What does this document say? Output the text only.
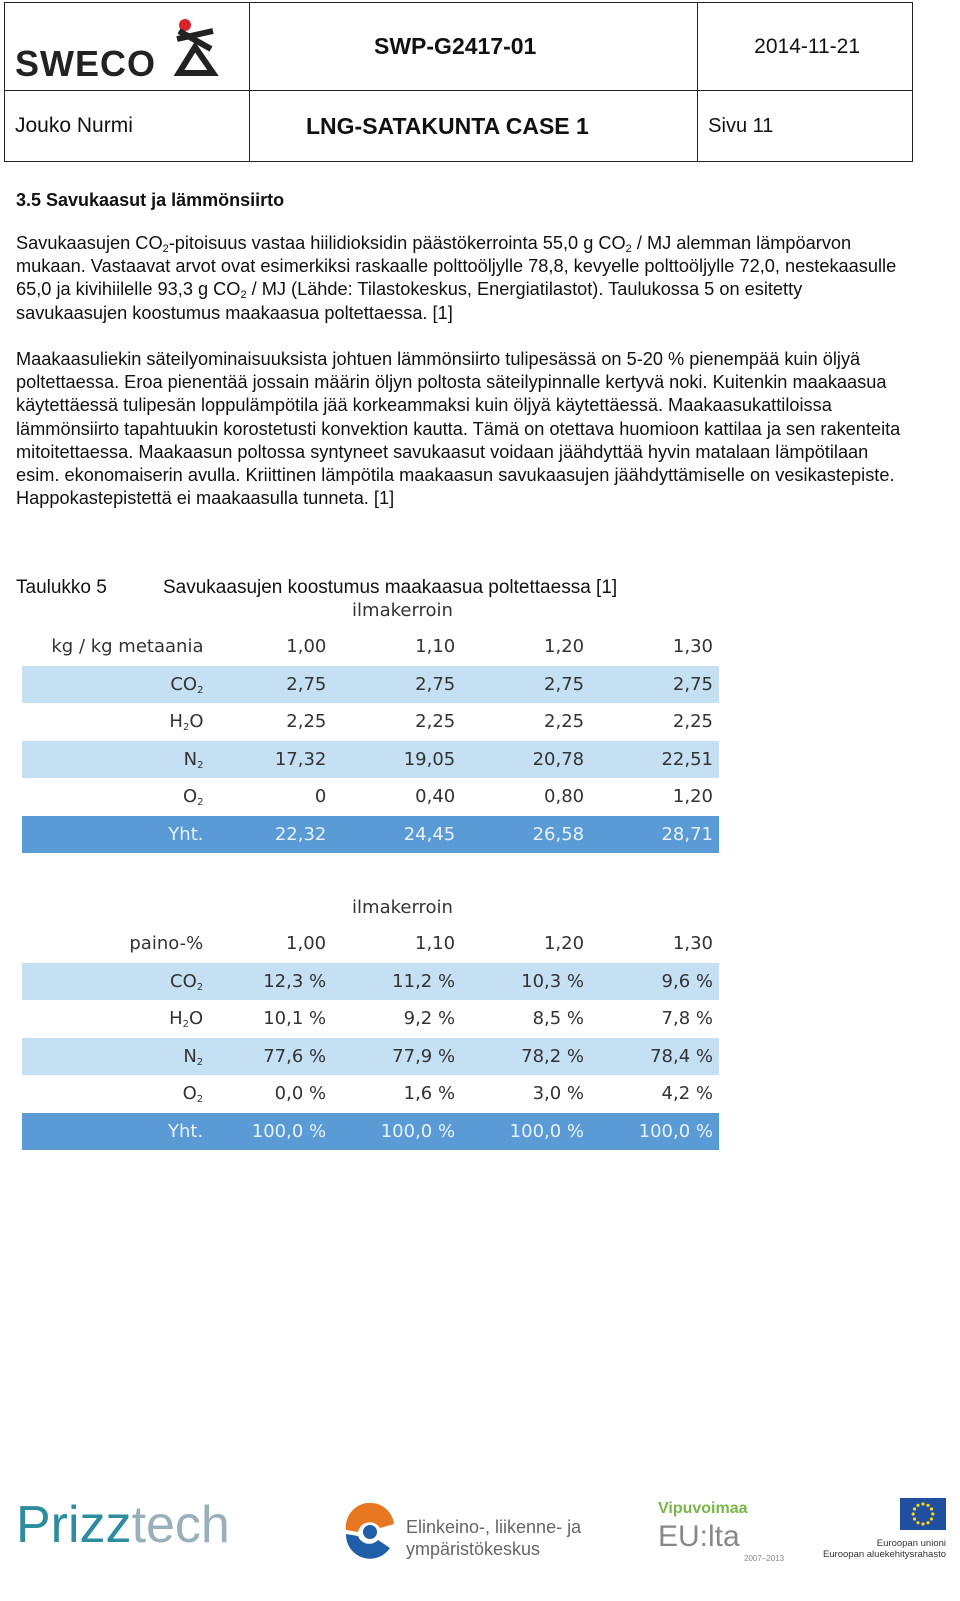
SWECO	SWP-G2417-01	2014-11-21
Jouko Nurmi	LNG-SATAKUNTA CASE 1	Sivu 11
3.5 Savukaasut ja lämmönsiirto
Savukaasujen $CO_2$-pitoisuus vastaa hiilidioksidin päästökerrointa 55,0 g $CO_2$ / MJ alemman lämpöarvon mukaan. Vastaavat arvot ovat esimerkiksi raskaalle polttoöljylle 78,8, kevyelle polttoöljylle 72,0, nestekaasulle 65,0 ja kivihiilelle 93,3 g $CO_2$ / MJ (Lähde: Tilastokeskus, Energiatilastot). Taulukossa 5 on esitetty savukaasujen koostumus maakaasua poltettaessa. [1]
Maakaasuliekin säteilyominaisuuksista johtuen lämmönsiirto tulipesässä on 5-20 % pienempää kuin öljyä poltettaessa. Eroa pienentää jossain määrin öljyn poltosta säteilypinnalle kertyvä noki. Kuitenkin maakaasua käytettäessä tulipesän loppulämpötila jää korkeammaksi kuin öljyä käytettäessä. Maakaasukattiloissa lämmönsiirto tapahtuukin korostetusti konvektion kautta. Tämä on otettava huomioon kattilaa ja sen rakenteita mitoitettaessa. Maakaasun poltossa syntyneet savukaasut voidaan jäähdyttää hyvin matalaan lämpötilaan esim. ekonomaiserin avulla. Kriittinen lämpötila maakaasun savukaasujen jäähdyttämiselle on vesikastepiste. Happokastepistettä ei maakaasulla tunneta. [1]
Taulukko 5	Savukaasujen koostumus maakaasua poltettaessa [1]
ilmakerroin
kg / kg metaania	1,00	1,10	1,20	1,30
$CO_2$	2,75	2,75	2,75	2,75
$H_2O$	2,25	2,25	2,25	2,25
$N_2$	17,32	19,05	20,78	22,51
$O_2$	0	0,40	0,80	1,20
Yht.	22,32	24,45	26,58	28,71
ilmakerroin
paino-%	1,00	1,10	1,20	1,30
$CO_2$	12,3 %	11,2 %	10,3 %	9,6 %
$H_2O$	10,1 %	9,2 %	8,5 %	7,8 %
$N_2$	77,6 %	77,9 %	78,2 %	78,4 %
$O_2$	0,0 %	1,6 %	3,0 %	4,2 %
Yht.	100,0 %	100,0 %	100,0 %	100,0 %
Prizztech	Elinkeino-, liikenne- ja
ympäristökeskus
Vipuvoimaa
EU:lta
2007–2013
Euroopan unioni
Euroopan aluekehitysrahasto
